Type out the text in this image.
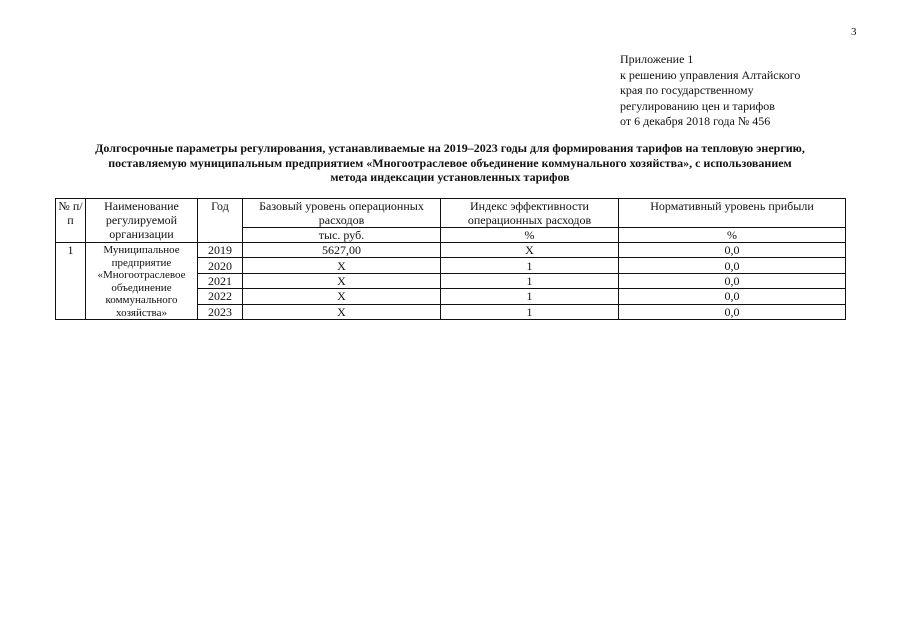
3
Приложение 1
к решению управления Алтайского
края по государственному
регулированию цен и тарифов
от 6 декабря 2018 года № 456
Долгосрочные параметры регулирования, устанавливаемые на 2019–2023 годы для формирования тарифов на тепловую энергию,
поставляемую муниципальным предприятием «Многоотраслевое объединение коммунального хозяйства», с использованием
метода индексации установленных тарифов
№ п/п	Наименование регулируемой организации	Год	Базовый уровень операционных расходов	Индекс эффективности операционных расходов	Нормативный уровень прибыли
			тыс. руб.	%	%
1	Муниципальное предприятие «Многоотраслевое объединение коммунального хозяйства»	2019	5627,00	X	0,0
		2020	X	1	0,0
		2021	X	1	0,0
		2022	X	1	0,0
		2023	X	1	0,0
